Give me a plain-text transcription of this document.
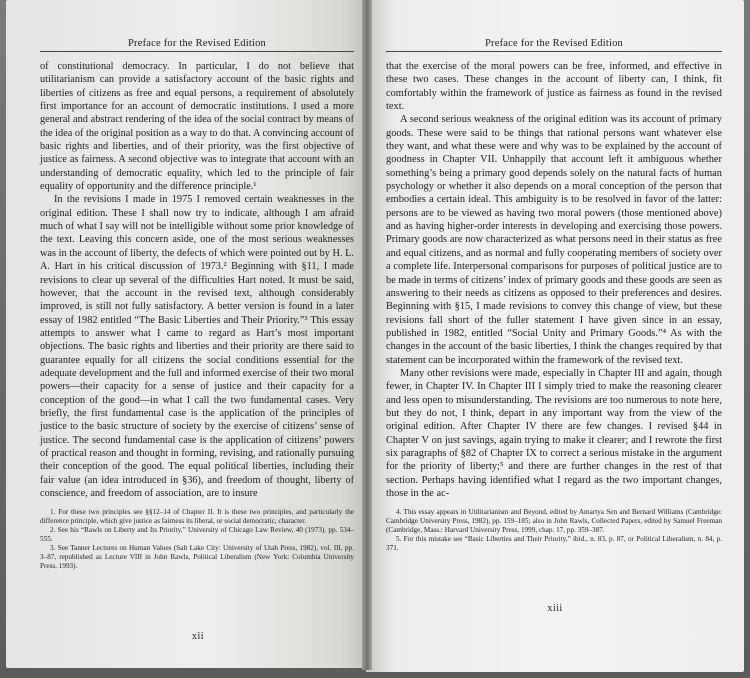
Preface for the Revised Edition

of constitutional democracy. In particular, I do not believe that utilitarianism can provide a satisfactory account of the basic rights and liberties of citizens as free and equal persons, a requirement of absolutely first importance for an account of democratic institutions. I used a more general and abstract rendering of the idea of the social contract by means of the idea of the original position as a way to do that. A convincing account of basic rights and liberties, and of their priority, was the first objective of justice as fairness. A second objective was to integrate that account with an understanding of democratic equality, which led to the principle of fair equality of opportunity and the difference principle.¹

In the revisions I made in 1975 I removed certain weaknesses in the original edition. These I shall now try to indicate, although I am afraid much of what I say will not be intelligible without some prior knowledge of the text. Leaving this concern aside, one of the most serious weaknesses was in the account of liberty, the defects of which were pointed out by H. L. A. Hart in his critical discussion of 1973.² Beginning with §11, I made revisions to clear up several of the difficulties Hart noted. It must be said, however, that the account in the revised text, although considerably improved, is still not fully satisfactory. A better version is found in a later essay of 1982 entitled “The Basic Liberties and Their Priority.”³ This essay attempts to answer what I came to regard as Hart’s most important objections. The basic rights and liberties and their priority are there said to guarantee equally for all citizens the social conditions essential for the adequate development and the full and informed exercise of their two moral powers—their capacity for a sense of justice and their capacity for a conception of the good—in what I call the two fundamental cases. Very briefly, the first fundamental case is the application of the principles of justice to the basic structure of society by the exercise of citizens’ sense of justice. The second fundamental case is the application of citizens’ powers of practical reason and thought in forming, revising, and rationally pursuing their conception of the good. The equal political liberties, including their fair value (an idea introduced in §36), and freedom of thought, liberty of conscience, and freedom of association, are to insure

1. For these two principles see §§12–14 of Chapter II. It is these two principles, and particularly the difference principle, which give justice as fairness its liberal, or social democratic, character.

2. See his “Rawls on Liberty and Its Priority,” University of Chicago Law Review, 40 (1973), pp. 534–555.

3. See Tanner Lectures on Human Values (Salt Lake City: University of Utah Press, 1982), vol. III, pp. 3–87, republished as Lecture VIII in John Rawls, Political Liberalism (New York: Columbia University Press, 1993).

xii
Preface for the Revised Edition

that the exercise of the moral powers can be free, informed, and effective in these two cases. These changes in the account of liberty can, I think, fit comfortably within the framework of justice as fairness as found in the revised text.

A second serious weakness of the original edition was its account of primary goods. These were said to be things that rational persons want whatever else they want, and what these were and why was to be explained by the account of goodness in Chapter VII. Unhappily that account left it ambiguous whether something’s being a primary good depends solely on the natural facts of human psychology or whether it also depends on a moral conception of the person that embodies a certain ideal. This ambiguity is to be resolved in favor of the latter: persons are to be viewed as having two moral powers (those mentioned above) and as having higher-order interests in developing and exercising those powers. Primary goods are now characterized as what persons need in their status as free and equal citizens, and as normal and fully cooperating members of society over a complete life. Interpersonal comparisons for purposes of political justice are to be made in terms of citizens’ index of primary goods and these goods are seen as answering to their needs as citizens as opposed to their preferences and desires. Beginning with §15, I made revisions to convey this change of view, but these revisions fall short of the fuller statement I have given since in an essay, published in 1982, entitled “Social Unity and Primary Goods.”⁴ As with the changes in the account of the basic liberties, I think the changes required by that statement can be incorporated within the framework of the revised text.

Many other revisions were made, especially in Chapter III and again, though fewer, in Chapter IV. In Chapter III I simply tried to make the reasoning clearer and less open to misunderstanding. The revisions are too numerous to note here, but they do not, I think, depart in any important way from the view of the original edition. After Chapter IV there are few changes. I revised §44 in Chapter V on just savings, again trying to make it clearer; and I rewrote the first six paragraphs of §82 of Chapter IX to correct a serious mistake in the argument for the priority of liberty;⁵ and there are further changes in the rest of that section. Perhaps having identified what I regard as the two important changes, those in the ac-

4. This essay appears in Utilitarianism and Beyond, edited by Amartya Sen and Bernard Williams (Cambridge: Cambridge University Press, 1982), pp. 159–185; also in John Rawls, Collected Papers, edited by Samuel Freeman (Cambridge, Mass.: Harvard University Press, 1999, chap. 17, pp. 359–387.

5. For this mistake see “Basic Liberties and Their Priority,” ibid., n. 83, p. 87, or Political Liberalism, n. 84, p. 371.

xiii
